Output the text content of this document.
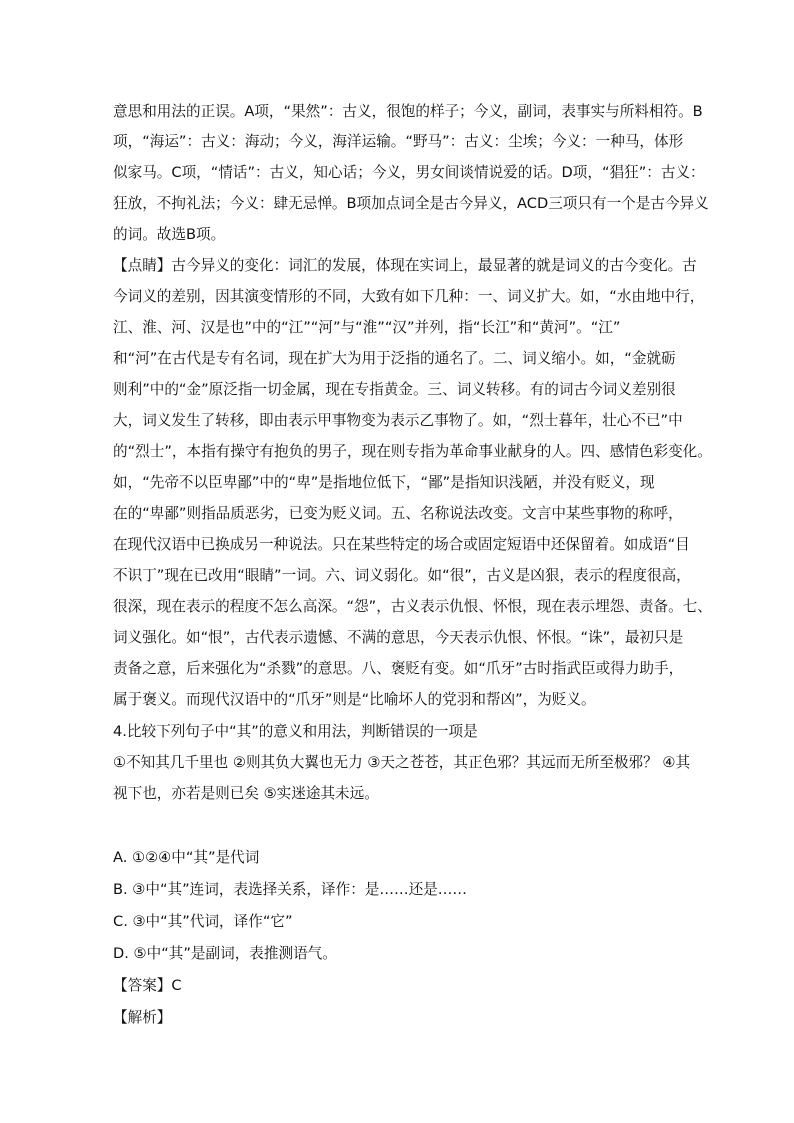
意思和用法的正误。A项，“果然”：古义，很饱的样子；今义，副词，表事实与所料相符。B
项，“海运”：古义：海动；今义，海洋运输。“野马”：古义：尘埃；今义：一种马，体形
似家马。C项，“情话”：古义，知心话；今义，男女间谈情说爱的话。D项，“猖狂”：古义：
狂放，不拘礼法；今义：肆无忌惮。B项加点词全是古今异义，ACD三项只有一个是古今异义
的词。故选B项。
【点睛】古今异义的变化：词汇的发展，体现在实词上，最显著的就是词义的古今变化。古
今词义的差别，因其演变情形的不同，大致有如下几种：一、词义扩大。如，“水由地中行，
江、淮、河、汉是也”中的“江”“河”与“淮”“汉”并列，指“长江”和“黄河”。“江”
和“河”在古代是专有名词，现在扩大为用于泛指的通名了。二、词义缩小。如，“金就砺
则利”中的“金”原泛指一切金属，现在专指黄金。三、词义转移。有的词古今词义差别很
大，词义发生了转移，即由表示甲事物变为表示乙事物了。如，“烈士暮年，壮心不已”中
的“烈士”，本指有操守有抱负的男子，现在则专指为革命事业献身的人。四、感情色彩变化。
如，“先帝不以臣卑鄙”中的“卑”是指地位低下，“鄙”是指知识浅陋，并没有贬义，现
在的“卑鄙”则指品质恶劣，已变为贬义词。五、名称说法改变。文言中某些事物的称呼，
在现代汉语中已换成另一种说法。只在某些特定的场合或固定短语中还保留着。如成语“目
不识丁”现在已改用“眼睛”一词。六、词义弱化。如“很”，古义是凶狠，表示的程度很高，
很深，现在表示的程度不怎么高深。“怨”，古义表示仇恨、怀恨，现在表示埋怨、责备。七、
词义强化。如“恨”，古代表示遗憾、不满的意思，今天表示仇恨、怀恨。“诛”，最初只是
责备之意，后来强化为“杀戮”的意思。八、褒贬有变。如“爪牙”古时指武臣或得力助手，
属于褒义。而现代汉语中的“爪牙”则是“比喻坏人的党羽和帮凶”，为贬义。
4.比较下列句子中“其”的意义和用法，判断错误的一项是
①不知其几千里也 ②则其负大翼也无力 ③天之苍苍，其正色邪？其远而无所至极邪？ ④其
视下也，亦若是则已矣 ⑤实迷途其未远。
A. ①②④中“其”是代词
B. ③中“其”连词，表选择关系，译作：是……还是……
C. ③中“其”代词，译作“它”
D. ⑤中“其”是副词，表推测语气。
【答案】C
【解析】
